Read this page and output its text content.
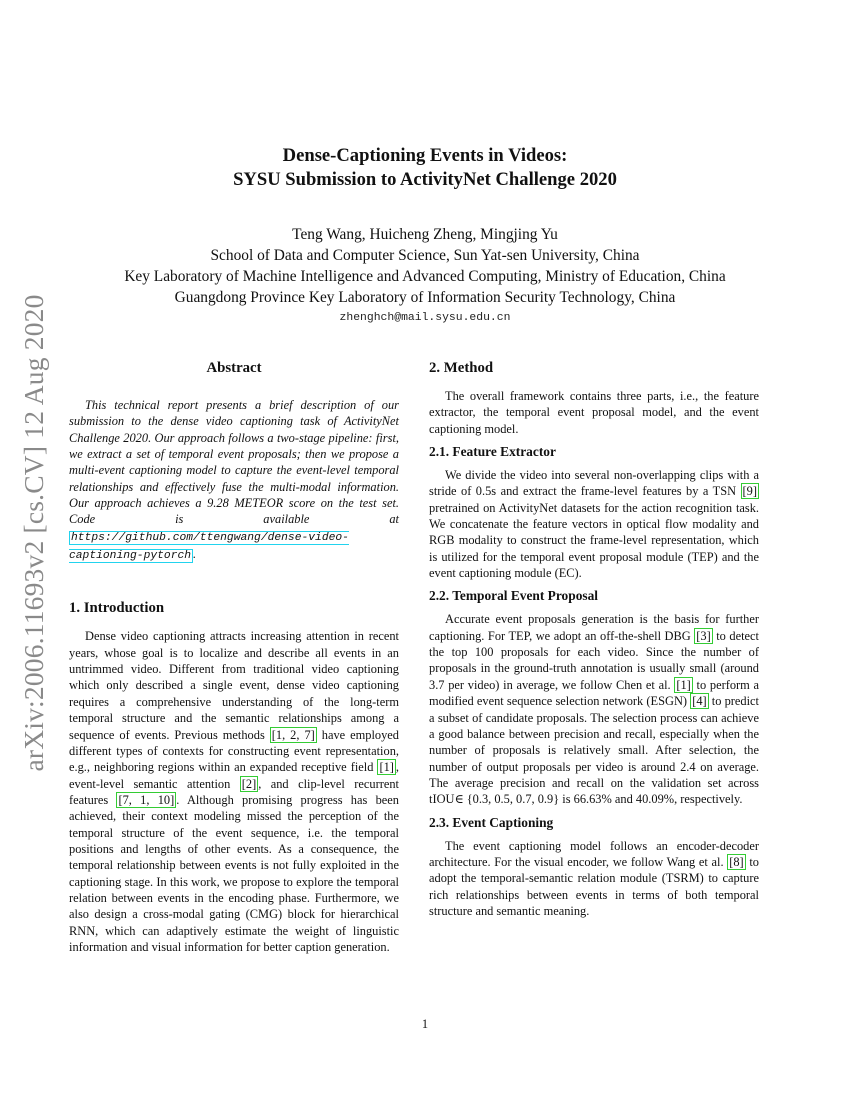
arXiv:2006.11693v2 [cs.CV] 12 Aug 2020
Dense-Captioning Events in Videos:
SYSU Submission to ActivityNet Challenge 2020
Teng Wang, Huicheng Zheng, Mingjing Yu
School of Data and Computer Science, Sun Yat-sen University, China
Key Laboratory of Machine Intelligence and Advanced Computing, Ministry of Education, China
Guangdong Province Key Laboratory of Information Security Technology, China
zhenghch@mail.sysu.edu.cn
Abstract

This technical report presents a brief description of our submission to the dense video captioning task of ActivityNet Challenge 2020. Our approach follows a two-stage pipeline: first, we extract a set of temporal event proposals; then we propose a multi-event captioning model to capture the event-level temporal relationships and effectively fuse the multi-modal information. Our approach achieves a 9.28 METEOR score on the test set. Code is available at https://github.com/ttengwang/dense-video-captioning-pytorch .

1. Introduction

Dense video captioning attracts increasing attention in recent years, whose goal is to localize and describe all events in an untrimmed video. Different from traditional video captioning which only described a single event, dense video captioning requires a comprehensive understanding of the long-term temporal structure and the semantic relationships among a sequence of events. Previous methods [1, 2, 7] have employed different types of contexts for constructing event representation, e.g., neighboring regions within an expanded receptive field [1] , event-level semantic attention [2] , and clip-level recurrent features [7, 1, 10] . Although promising progress has been achieved, their context modeling missed the perception of the temporal structure of the event sequence, i.e. the temporal positions and lengths of other events. As a consequence, the temporal relationship between events is not fully exploited in the captioning stage. In this work, we propose to explore the temporal relation between events in the encoding phase. Furthermore, we also design a cross-modal gating (CMG) block for hierarchical RNN, which can adaptively estimate the weight of linguistic information and visual information for better caption generation.

2. Method

The overall framework contains three parts, i.e., the feature extractor, the temporal event proposal model, and the event captioning model.

2.1. Feature Extractor

We divide the video into several non-overlapping clips with a stride of 0.5s and extract the frame-level features by a TSN [9] pretrained on ActivityNet datasets for the action recognition task. We concatenate the feature vectors in optical flow modality and RGB modality to construct the frame-level representation, which is utilized for the temporal event proposal module (TEP) and the event captioning module (EC).

2.2. Temporal Event Proposal

Accurate event proposals generation is the basis for further captioning. For TEP, we adopt an off-the-shell DBG [3] to detect the top 100 proposals for each video. Since the number of proposals in the ground-truth annotation is usually small (around 3.7 per video) in average, we follow Chen et al. [1] to perform a modified event sequence selection network (ESGN) [4] to predict a subset of candidate proposals. The selection process can achieve a good balance between precision and recall, especially when the number of proposals is relatively small. After selection, the number of output proposals per video is around 2.4 on average. The average precision and recall on the validation set across tIOU∈ {0.3, 0.5, 0.7, 0.9} is 66.63% and 40.09%, respectively.

2.3. Event Captioning

The event captioning model follows an encoder-decoder architecture. For the visual encoder, we follow Wang et al. [8] to adopt the temporal-semantic relation module (TSRM) to capture rich relationships between events in terms of both temporal structure and semantic meaning.

1
